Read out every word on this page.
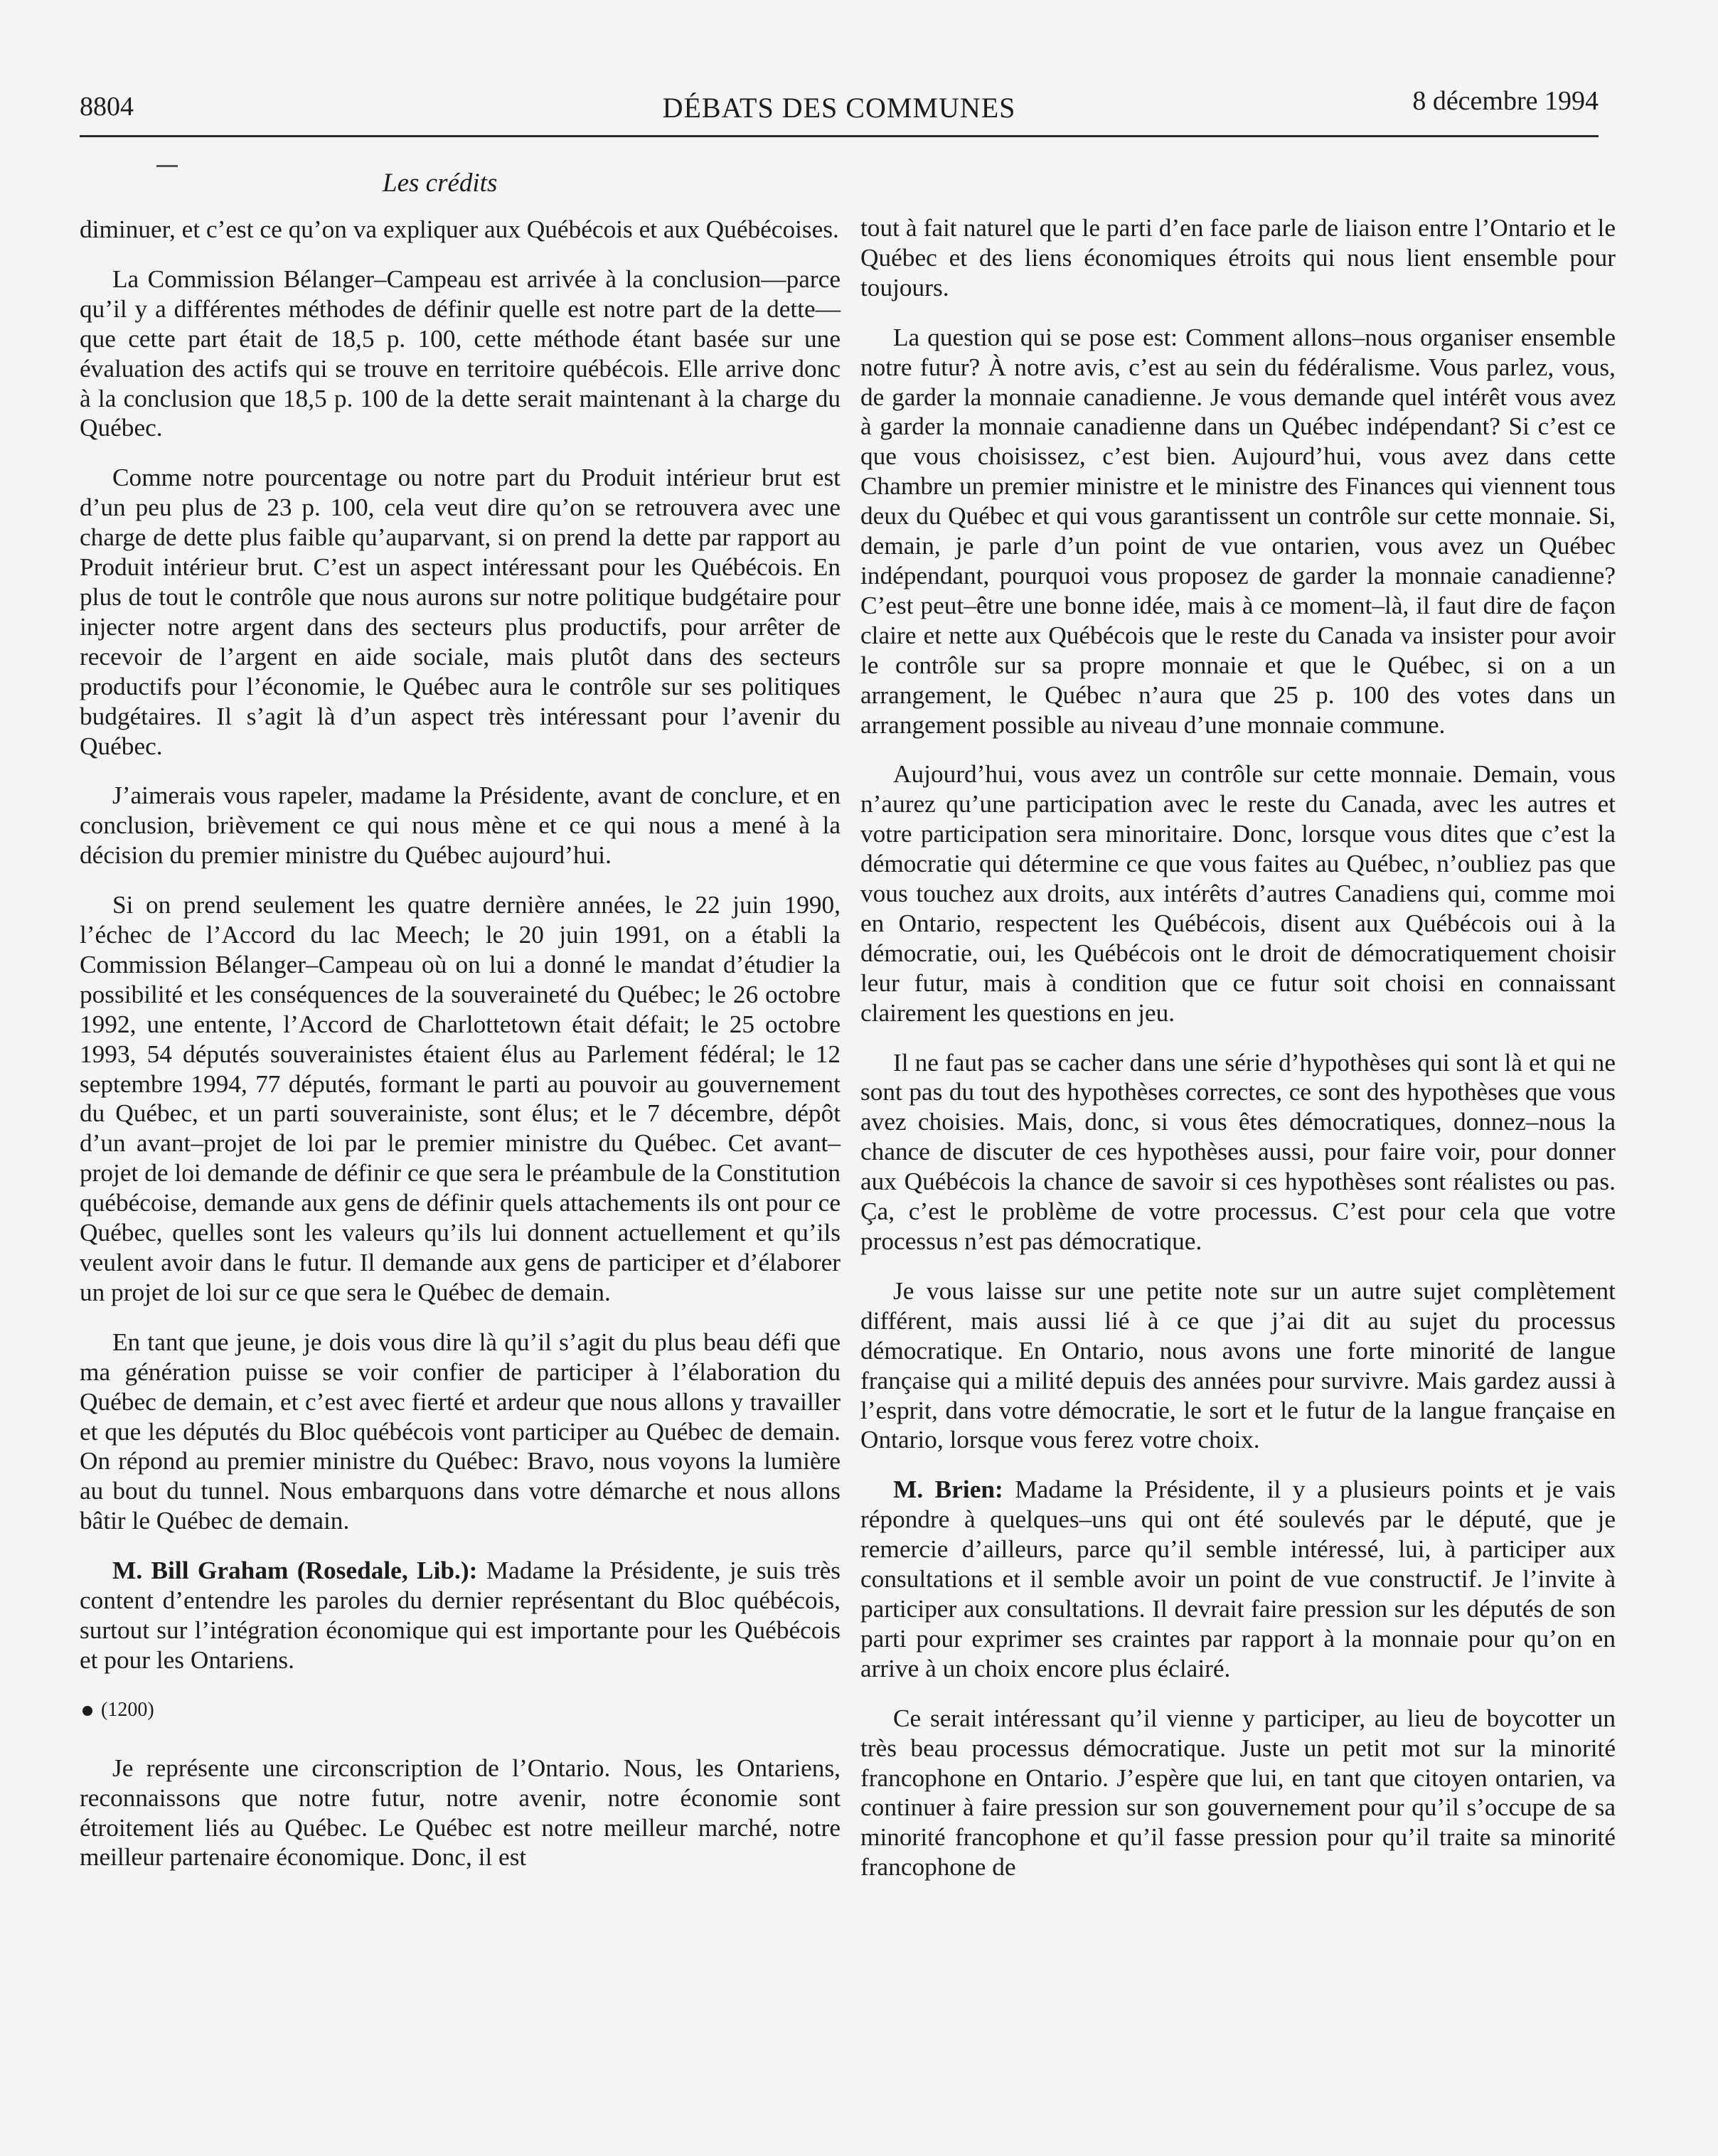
8804	DÉBATS DES COMMUNES	8 décembre 1994
Les crédits

diminuer, et c’est ce qu’on va expliquer aux Québécois et aux Québécoises.

La Commission Bélanger–Campeau est arrivée à la conclusion—parce qu’il y a différentes méthodes de définir quelle est notre part de la dette—que cette part était de 18,5 p. 100, cette méthode étant basée sur une évaluation des actifs qui se trouve en territoire québécois. Elle arrive donc à la conclusion que 18,5 p. 100 de la dette serait maintenant à la charge du Québec.

Comme notre pourcentage ou notre part du Produit intérieur brut est d’un peu plus de 23 p. 100, cela veut dire qu’on se retrouvera avec une charge de dette plus faible qu’auparvant, si on prend la dette par rapport au Produit intérieur brut. C’est un aspect intéressant pour les Québécois. En plus de tout le contrôle que nous aurons sur notre politique budgétaire pour injecter notre argent dans des secteurs plus productifs, pour arrêter de recevoir de l’argent en aide sociale, mais plutôt dans des secteurs productifs pour l’économie, le Québec aura le contrôle sur ses politiques budgétaires. Il s’agit là d’un aspect très intéressant pour l’avenir du Québec.

J’aimerais vous rapeler, madame la Présidente, avant de conclure, et en conclusion, brièvement ce qui nous mène et ce qui nous a mené à la décision du premier ministre du Québec aujourd’hui.

Si on prend seulement les quatre dernière années, le 22 juin 1990, l’échec de l’Accord du lac Meech; le 20 juin 1991, on a établi la Commission Bélanger–Campeau où on lui a donné le mandat d’étudier la possibilité et les conséquences de la souveraineté du Québec; le 26 octobre 1992, une entente, l’Accord de Charlottetown était défait; le 25 octobre 1993, 54 députés souverainistes étaient élus au Parlement fédéral; le 12 septembre 1994, 77 députés, formant le parti au pouvoir au gouvernement du Québec, et un parti souverainiste, sont élus; et le 7 décembre, dépôt d’un avant–projet de loi par le premier ministre du Québec. Cet avant–projet de loi demande de définir ce que sera le préambule de la Constitution québécoise, demande aux gens de définir quels attachements ils ont pour ce Québec, quelles sont les valeurs qu’ils lui donnent actuellement et qu’ils veulent avoir dans le futur. Il demande aux gens de participer et d’élaborer un projet de loi sur ce que sera le Québec de demain.

En tant que jeune, je dois vous dire là qu’il s’agit du plus beau défi que ma génération puisse se voir confier de participer à l’élaboration du Québec de demain, et c’est avec fierté et ardeur que nous allons y travailler et que les députés du Bloc québécois vont participer au Québec de demain. On répond au premier ministre du Québec: Bravo, nous voyons la lumière au bout du tunnel. Nous embarquons dans votre démarche et nous allons bâtir le Québec de demain.

M. Bill Graham (Rosedale, Lib.): Madame la Présidente, je suis très content d’entendre les paroles du dernier représentant du Bloc québécois, surtout sur l’intégration économique qui est importante pour les Québécois et pour les Ontariens.

(1200)

Je représente une circonscription de l’Ontario. Nous, les Ontariens, reconnaissons que notre futur, notre avenir, notre économie sont étroitement liés au Québec. Le Québec est notre meilleur marché, notre meilleur partenaire économique. Donc, il est

tout à fait naturel que le parti d’en face parle de liaison entre l’Ontario et le Québec et des liens économiques étroits qui nous lient ensemble pour toujours.

La question qui se pose est: Comment allons–nous organiser ensemble notre futur? À notre avis, c’est au sein du fédéralisme. Vous parlez, vous, de garder la monnaie canadienne. Je vous demande quel intérêt vous avez à garder la monnaie canadienne dans un Québec indépendant? Si c’est ce que vous choisissez, c’est bien. Aujourd’hui, vous avez dans cette Chambre un premier ministre et le ministre des Finances qui viennent tous deux du Québec et qui vous garantissent un contrôle sur cette monnaie. Si, demain, je parle d’un point de vue ontarien, vous avez un Québec indépendant, pourquoi vous proposez de garder la monnaie canadienne? C’est peut–être une bonne idée, mais à ce moment–là, il faut dire de façon claire et nette aux Québécois que le reste du Canada va insister pour avoir le contrôle sur sa propre monnaie et que le Québec, si on a un arrangement, le Québec n’aura que 25 p. 100 des votes dans un arrangement possible au niveau d’une monnaie commune.

Aujourd’hui, vous avez un contrôle sur cette monnaie. Demain, vous n’aurez qu’une participation avec le reste du Canada, avec les autres et votre participation sera minoritaire. Donc, lorsque vous dites que c’est la démocratie qui détermine ce que vous faites au Québec, n’oubliez pas que vous touchez aux droits, aux intérêts d’autres Canadiens qui, comme moi en Ontario, respectent les Québécois, disent aux Québécois oui à la démocratie, oui, les Québécois ont le droit de démocratiquement choisir leur futur, mais à condition que ce futur soit choisi en connaissant clairement les questions en jeu.

Il ne faut pas se cacher dans une série d’hypothèses qui sont là et qui ne sont pas du tout des hypothèses correctes, ce sont des hypothèses que vous avez choisies. Mais, donc, si vous êtes démocratiques, donnez–nous la chance de discuter de ces hypothèses aussi, pour faire voir, pour donner aux Québécois la chance de savoir si ces hypothèses sont réalistes ou pas. Ça, c’est le problème de votre processus. C’est pour cela que votre processus n’est pas démocratique.

Je vous laisse sur une petite note sur un autre sujet complètement différent, mais aussi lié à ce que j’ai dit au sujet du processus démocratique. En Ontario, nous avons une forte minorité de langue française qui a milité depuis des années pour survivre. Mais gardez aussi à l’esprit, dans votre démocratie, le sort et le futur de la langue française en Ontario, lorsque vous ferez votre choix.

M. Brien: Madame la Présidente, il y a plusieurs points et je vais répondre à quelques–uns qui ont été soulevés par le député, que je remercie d’ailleurs, parce qu’il semble intéressé, lui, à participer aux consultations et il semble avoir un point de vue constructif. Je l’invite à participer aux consultations. Il devrait faire pression sur les députés de son parti pour exprimer ses craintes par rapport à la monnaie pour qu’on en arrive à un choix encore plus éclairé.

Ce serait intéressant qu’il vienne y participer, au lieu de boycotter un très beau processus démocratique. Juste un petit mot sur la minorité francophone en Ontario. J’espère que lui, en tant que citoyen ontarien, va continuer à faire pression sur son gouvernement pour qu’il s’occupe de sa minorité francophone et qu’il fasse pression pour qu’il traite sa minorité francophone de
